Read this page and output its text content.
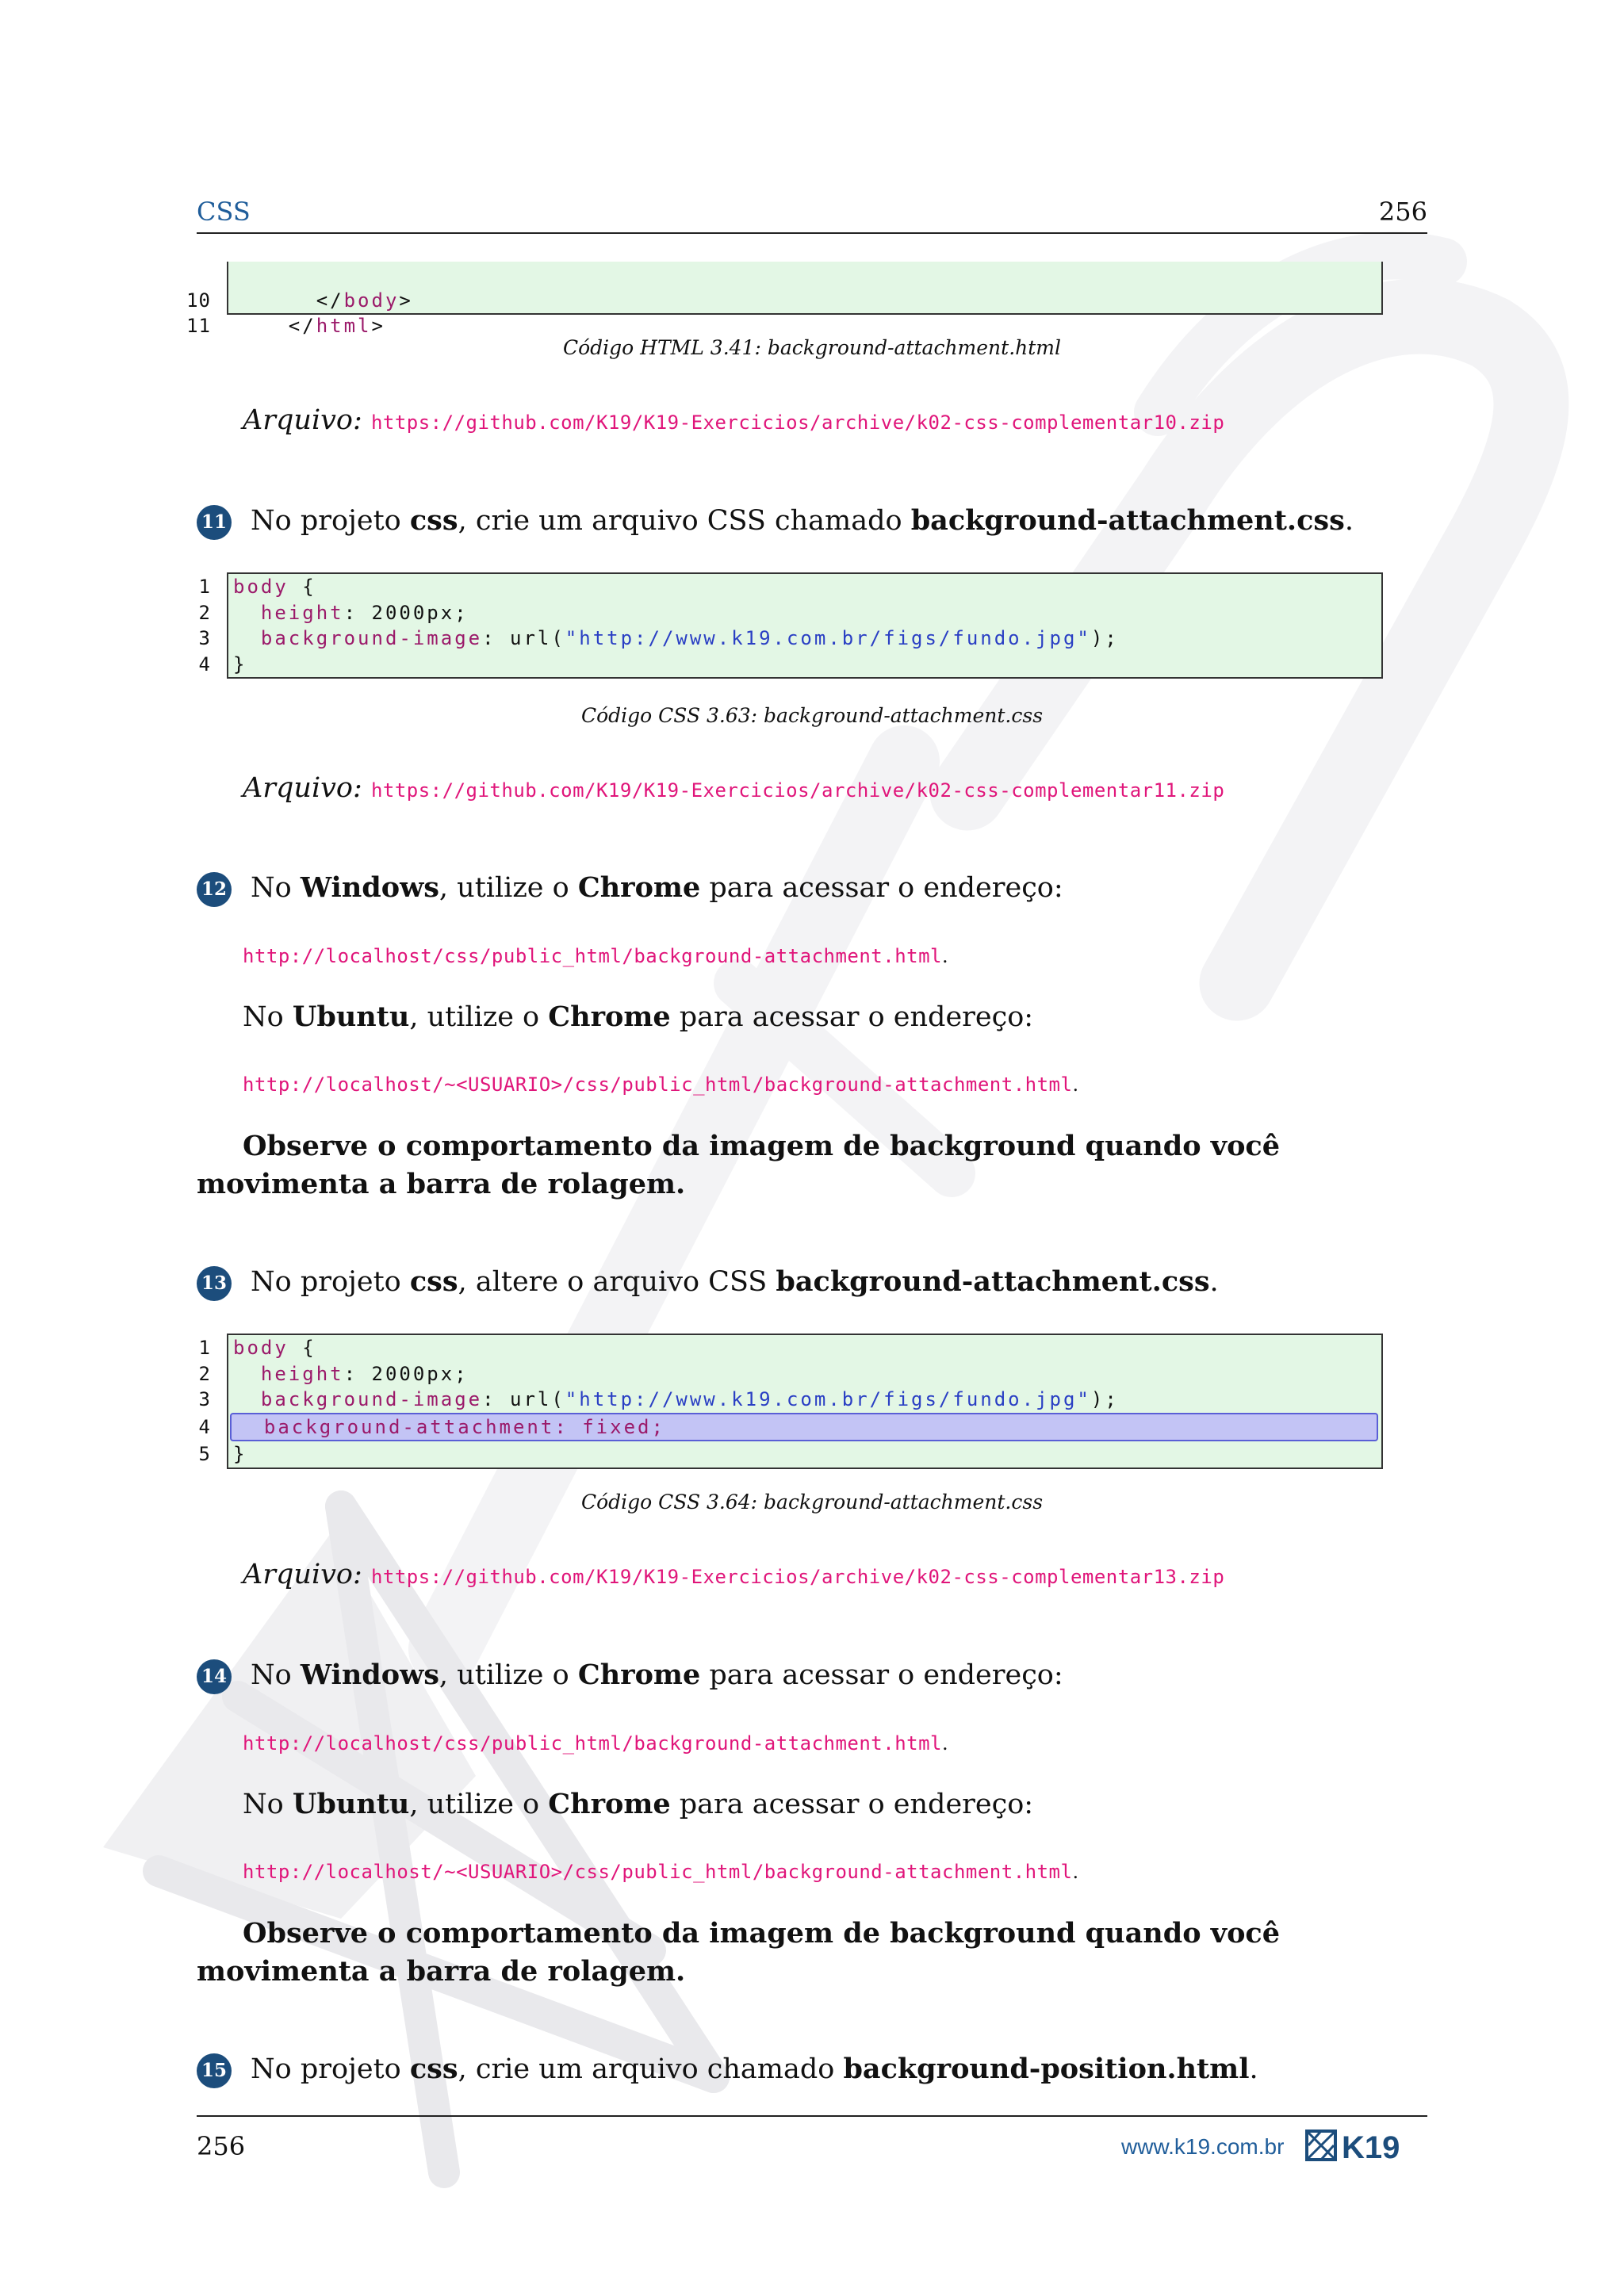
CSS	256

10	</body>

11	</html>

Código HTML 3.41: background-attachment.html
Arquivo: https://github.com/K19/K19-Exercicios/archive/k02-css-complementar10.zip
11 No projeto css, crie um arquivo CSS chamado background-attachment.css.
1 body {
2	height: 2000px;
3	background-image: url("http://www.k19.com.br/figs/fundo.jpg");
4 }
Código CSS 3.63: background-attachment.css
Arquivo: https://github.com/K19/K19-Exercicios/archive/k02-css-complementar11.zip
12 No Windows, utilize o Chrome para acessar o endereço:
http://localhost/css/public_html/background-attachment.html.
No Ubuntu, utilize o Chrome para acessar o endereço:
http://localhost/~<USUARIO>/css/public_html/background-attachment.html.
Observe o comportamento da imagem de background quando você movimenta a barra de rolagem.
13 No projeto css, altere o arquivo CSS background-attachment.css.
1 body {
2	height: 2000px;
3	background-image: url("http://www.k19.com.br/figs/fundo.jpg");
4 background-attachment: fixed;
5 }
Código CSS 3.64: background-attachment.css
Arquivo: https://github.com/K19/K19-Exercicios/archive/k02-css-complementar13.zip
14 No Windows, utilize o Chrome para acessar o endereço:
http://localhost/css/public_html/background-attachment.html.
No Ubuntu, utilize o Chrome para acessar o endereço:
http://localhost/~<USUARIO>/css/public_html/background-attachment.html.
Observe o comportamento da imagem de background quando você movimenta a barra de rolagem.
15 No projeto css, crie um arquivo chamado background-position.html.
256	www.k19.com.br K19
